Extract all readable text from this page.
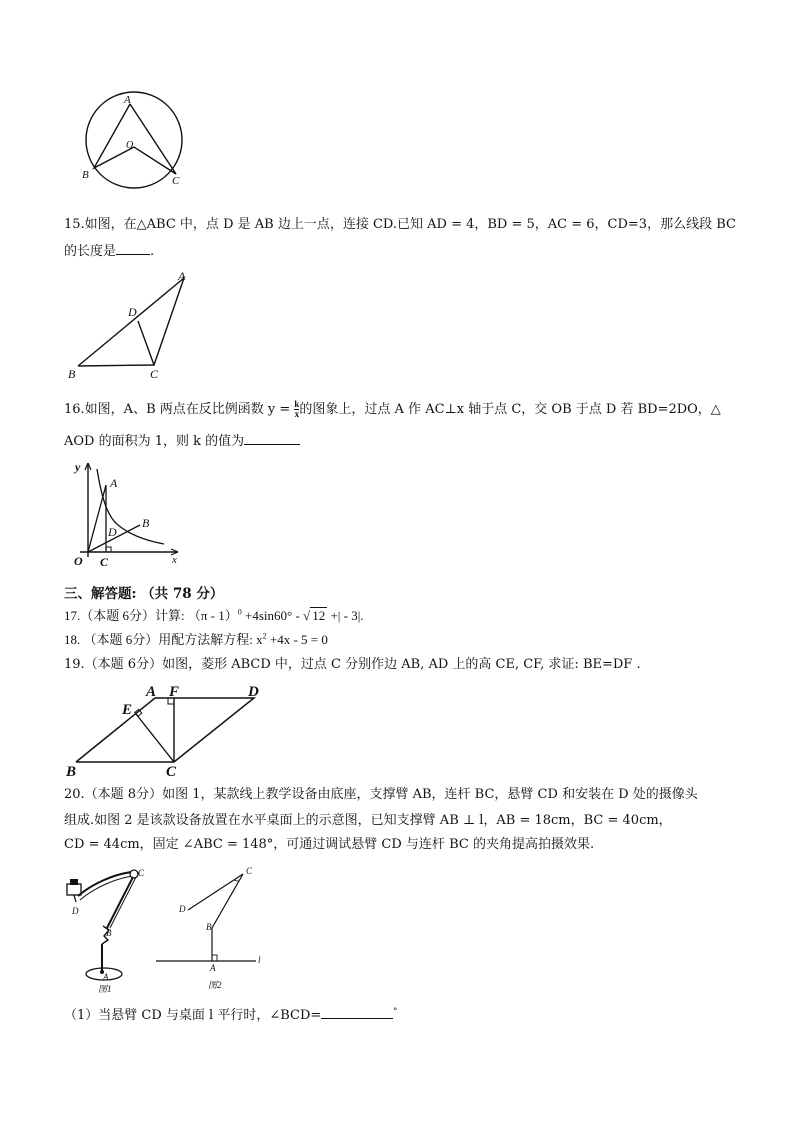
A
O
B	C
15.如图，在△ABC 中，点 D 是 AB 边上一点，连接 CD.已知 AD = 4，BD = 5，AC = 6，CD=3，那么线段 BC
的长度是	.
A
D
B	C
16.如图，A、B 两点在反比例函数 $y = \frac{k}{x}$ 的图象上，过点 A 作 AC⊥x 轴于点 C，交 OB 于点 D 若 BD=2DO，△
AOD 的面积为 1，则 k 的值为
y
x
O
A
B
C
D
三、解答题: （共 78 分）
17.（本题 6分）计算: （π - 1）$^0$ +4sin60° - √ 12 +| - 3|.
18. （本题 6分）用配方法解方程: $x^2 +4x - 5 = 0$
19.（本题 6分）如图，菱形 ABCD 中，过点 C 分别作边 AB, AD 上的高 CE, CF, 求证: BE=DF .
A F	D
E
B	C
20.（本题 8分）如图 1，某款线上教学设备由底座，支撑臂 AB，连杆 BC，悬臂 CD 和安装在 D 处的摄像头
组成.如图 2 是该款设备放置在水平桌面上的示意图，已知支撑臂 AB ⊥ l，AB = 18cm，BC = 40cm，
CD = 44cm，固定 ∠ABC = 148°，可通过调试悬臂 CD 与连杆 BC 的夹角提高拍摄效果.
C
D
B
A
图1
C
D
B
A
l
图2
（1）当悬臂 CD 与桌面 l 平行时，∠BCD=	°
